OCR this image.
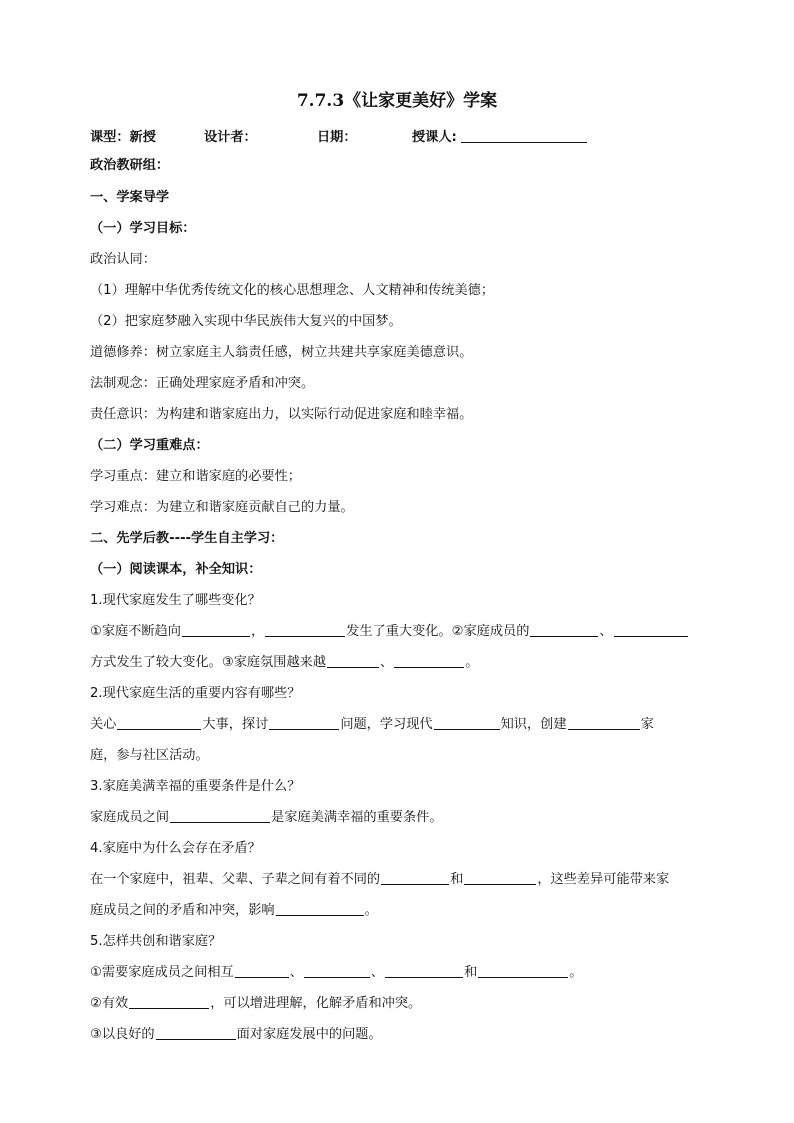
7.7.3《让家更美好》学案
课型：新授	设计者：	日期：	授课人:
政治教研组：
一、学案导学
（一）学习目标：
政治认同：
（1）理解中华优秀传统文化的核心思想理念、人文精神和传统美德；
（2）把家庭梦融入实现中华民族伟大复兴的中国梦。
道德修养：树立家庭主人翁责任感，树立共建共享家庭美德意识。
法制观念：正确处理家庭矛盾和冲突。
责任意识：为构建和谐家庭出力，以实际行动促进家庭和睦幸福。
（二）学习重难点：
学习重点：建立和谐家庭的必要性；
学习难点：为建立和谐家庭贡献自己的力量。
二、先学后教----学生自主学习：
（一）阅读课本，补全知识：
1.现代家庭发生了哪些变化？
①家庭不断趋向	，	发生了重大变化。②家庭成员的	、
方式发生了较大变化。③家庭氛围越来越	、	。
2.现代家庭生活的重要内容有哪些？
关心	大事，探讨	问题，学习现代	知识，创建	家
庭，参与社区活动。
3.家庭美满幸福的重要条件是什么？
家庭成员之间	是家庭美满幸福的重要条件。
4.家庭中为什么会存在矛盾？
在一个家庭中，祖辈、父辈、子辈之间有着不同的	和	，这些差异可能带来家
庭成员之间的矛盾和冲突，影响	。
5.怎样共创和谐家庭？
①需要家庭成员之间相互	、	、	和	。
②有效	，可以增进理解，化解矛盾和冲突。
③以良好的	面对家庭发展中的问题。
